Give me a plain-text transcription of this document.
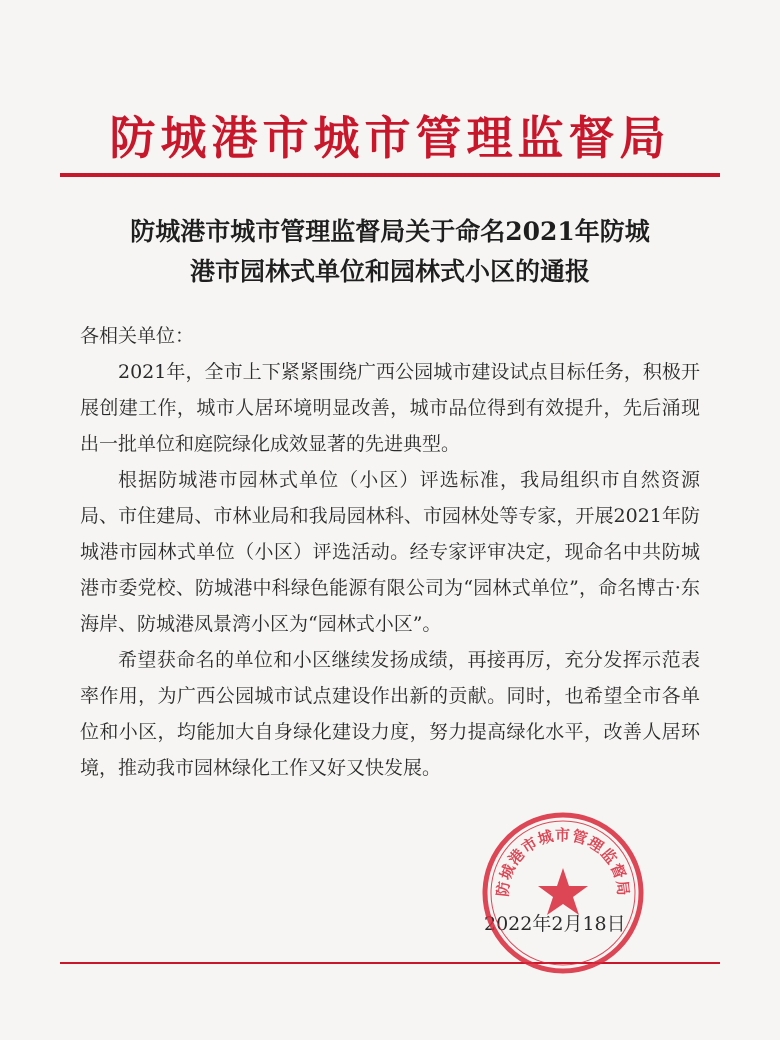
防城港市城市管理监督局
防城港市城市管理监督局关于命名2021年防城
港市园林式单位和园林式小区的通报

各相关单位：

2021年，全市上下紧紧围绕广西公园城市建设试点目标任务，积极开展创建工作，城市人居环境明显改善，城市品位得到有效提升，先后涌现出一批单位和庭院绿化成效显著的先进典型。

根据防城港市园林式单位（小区）评选标准，我局组织市自然资源局、市住建局、市林业局和我局园林科、市园林处等专家，开展2021年防城港市园林式单位（小区）评选活动。经专家评审决定，现命名中共防城港市委党校、防城港中科绿色能源有限公司为“园林式单位”，命名博古·东海岸、防城港凤景湾小区为“园林式小区”。

希望获命名的单位和小区继续发扬成绩，再接再厉，充分发挥示范表率作用，为广西公园城市试点建设作出新的贡献。同时，也希望全市各单位和小区，均能加大自身绿化建设力度，努力提高绿化水平，改善人居环境，推动我市园林绿化工作又好又快发展。

2022年2月18日
防城港市城市管理监督局
